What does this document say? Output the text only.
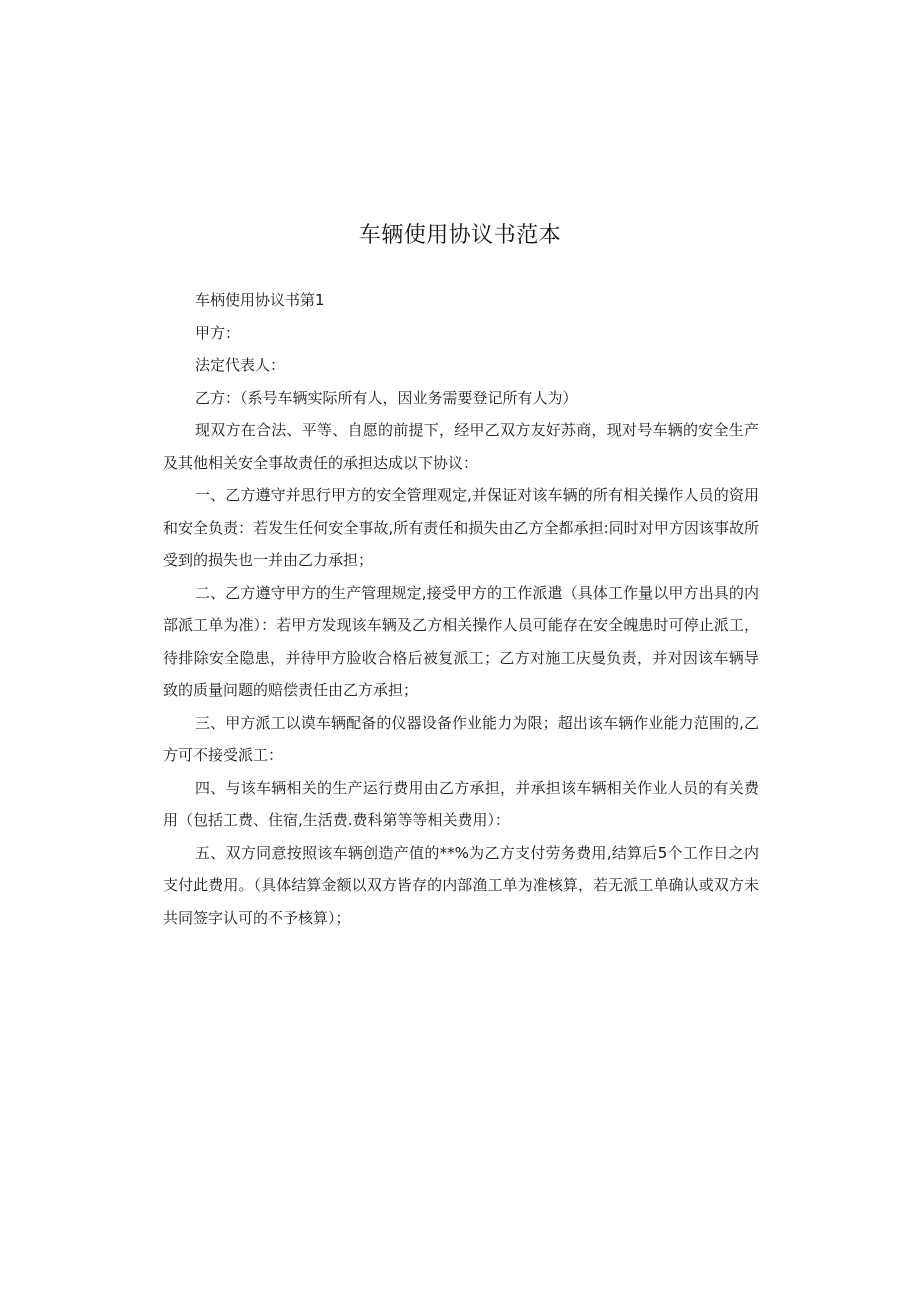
车辆使用协议书范本

车柄使用协议书第1

甲方：

法定代表人：

乙方：（系号车辆实际所有人，因业务需要登记所有人为）

现双方在合法、平等、自愿的前提下，经甲乙双方友好苏商，现对号车辆的安全生产及其他相关安全事故责任的承担达成以下协议：

一、乙方遵守并思行甲方的安全管理观定,并保证对该车辆的所有相关操作人员的资用和安全负责：若发生任何安全事故,所有责任和损失由乙方全都承担:同时对甲方因该事故所受到的损失也一并由乙力承担；

二、乙方遵守甲方的生产管理规定,接受甲方的工作派遣（具体工作量以甲方出具的内部派工单为准）：若甲方发现该车辆及乙方相关操作人员可能存在安全魄患时可停止派工，待排除安全隐患，并待甲方脸收合格后被复派工；乙方对施工庆曼负责，并对因该车辆导致的质量问题的赔偿责任由乙方承担；

三、甲方派工以谟车辆配备的仪器设备作业能力为限；超出该车辆作业能力范围的,乙方可不接受派工：

四、与该车辆相关的生产运行费用由乙方承担，并承担该车辆相关作业人员的有关费用（包括工费、住宿,生活费.费科第等等相关费用）：

五、双方同意按照该车辆创造产值的**%为乙方支付劳务费用,结算后5个工作日之内支付此费用。（具体结算金额以双方皆存的内部渔工单为准核算，若无派工单确认或双方未共同签字认可的不予核算）；
